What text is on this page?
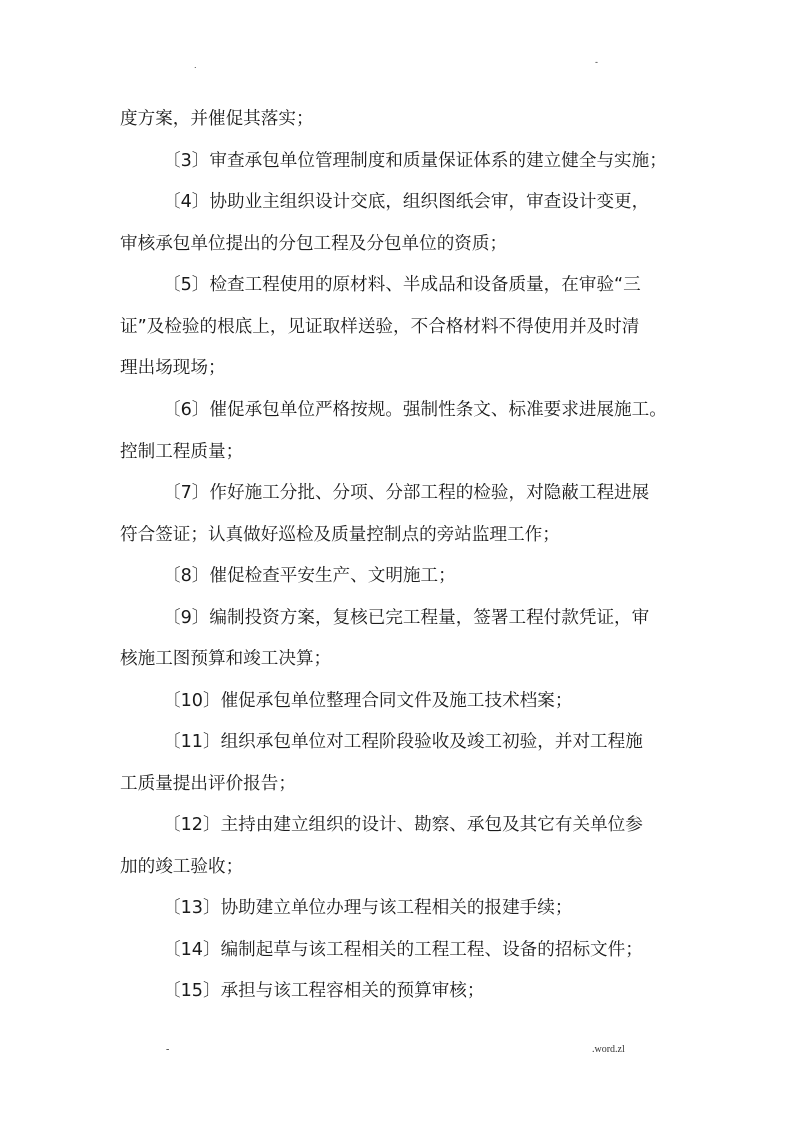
.	-
度方案，并催促其落实；
〔3〕审查承包单位管理制度和质量保证体系的建立健全与实施；
〔4〕协助业主组织设计交底，组织图纸会审，审查设计变更，
审核承包单位提出的分包工程及分包单位的资质；
〔5〕检查工程使用的原材料、半成品和设备质量，在审验“三
证”及检验的根底上，见证取样送验，不合格材料不得使用并及时清
理出场现场；
〔6〕催促承包单位严格按规。强制性条文、标准要求进展施工。
控制工程质量；
〔7〕作好施工分批、分项、分部工程的检验，对隐蔽工程进展
符合签证；认真做好巡检及质量控制点的旁站监理工作；
〔8〕催促检查平安生产、文明施工；
〔9〕编制投资方案，复核已完工程量，签署工程付款凭证，审
核施工图预算和竣工决算；
〔10〕催促承包单位整理合同文件及施工技术档案；
〔11〕组织承包单位对工程阶段验收及竣工初验，并对工程施
工质量提出评价报告；
〔12〕主持由建立组织的设计、勘察、承包及其它有关单位参
加的竣工验收；
〔13〕协助建立单位办理与该工程相关的报建手续；
〔14〕编制起草与该工程相关的工程工程、设备的招标文件；
〔15〕承担与该工程容相关的预算审核；
-	.word.zl
